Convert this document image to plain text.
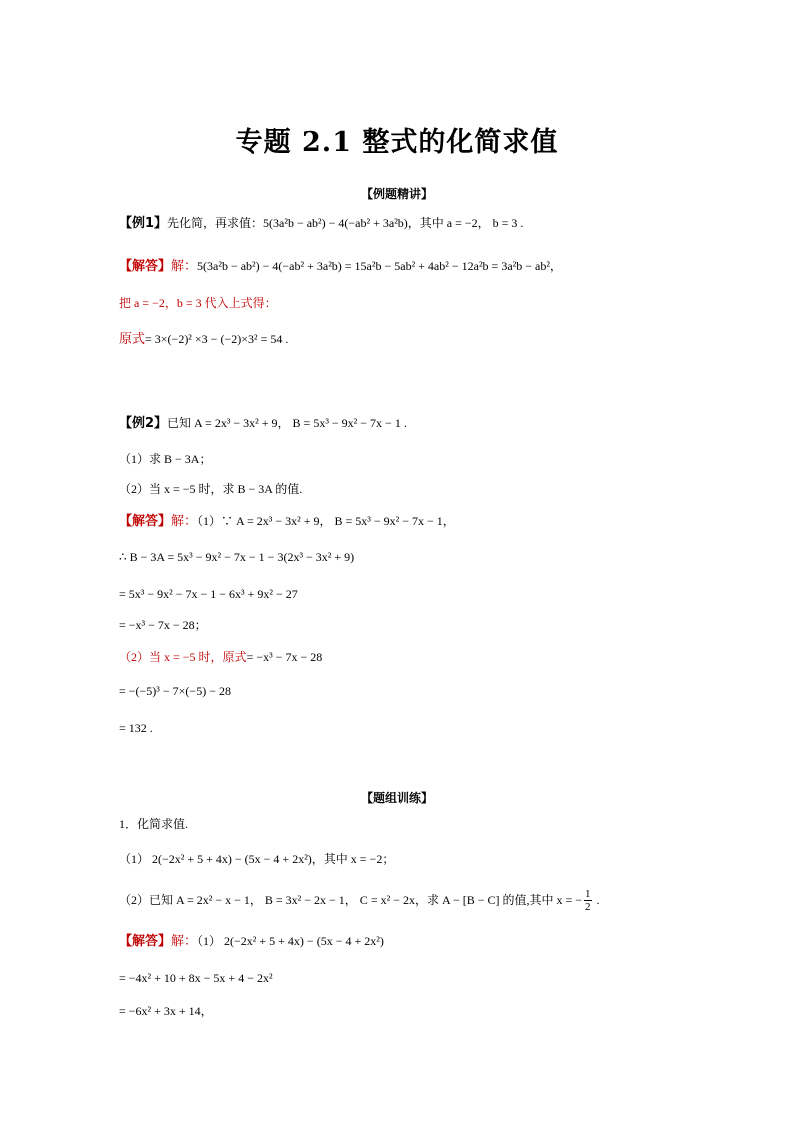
专题 2.1 整式的化简求值
【例题精讲】
【例1】先化简，再求值：5(3a²b − ab²) − 4(−ab² + 3a²b)，其中 a = −2， b = 3 .
【解答】解：5(3a²b − ab²) − 4(−ab² + 3a²b) = 15a²b − 5ab² + 4ab² − 12a²b = 3a²b − ab²，
把 a = −2，b = 3 代入上式得：
原式= 3×(−2)² ×3 − (−2)×3² = 54 .
【例2】已知 A = 2x³ − 3x² + 9， B = 5x³ − 9x² − 7x − 1 .
（1）求 B − 3A；
（2）当 x = −5 时，求 B − 3A 的值.
【解答】解：（1）∵ A = 2x³ − 3x² + 9， B = 5x³ − 9x² − 7x − 1，
∴ B − 3A = 5x³ − 9x² − 7x − 1 − 3(2x³ − 3x² + 9)
= 5x³ − 9x² − 7x − 1 − 6x³ + 9x² − 27
= −x³ − 7x − 28；
（2）当 x = −5 时，原式= −x³ − 7x − 28
= −(−5)³ − 7×(−5) − 28
= 132 .
【题组训练】
1．化简求值.
（1） 2(−2x² + 5 + 4x) − (5x − 4 + 2x²)，其中 x = −2；
（2）已知 A = 2x² − x − 1， B = 3x² − 2x − 1， C = x² − 2x，求 A − [B − C] 的值,其中 x = − $\frac{1}{2}$ .
【解答】解：（1） 2(−2x² + 5 + 4x) − (5x − 4 + 2x²)
= −4x² + 10 + 8x − 5x + 4 − 2x²
= −6x² + 3x + 14，
